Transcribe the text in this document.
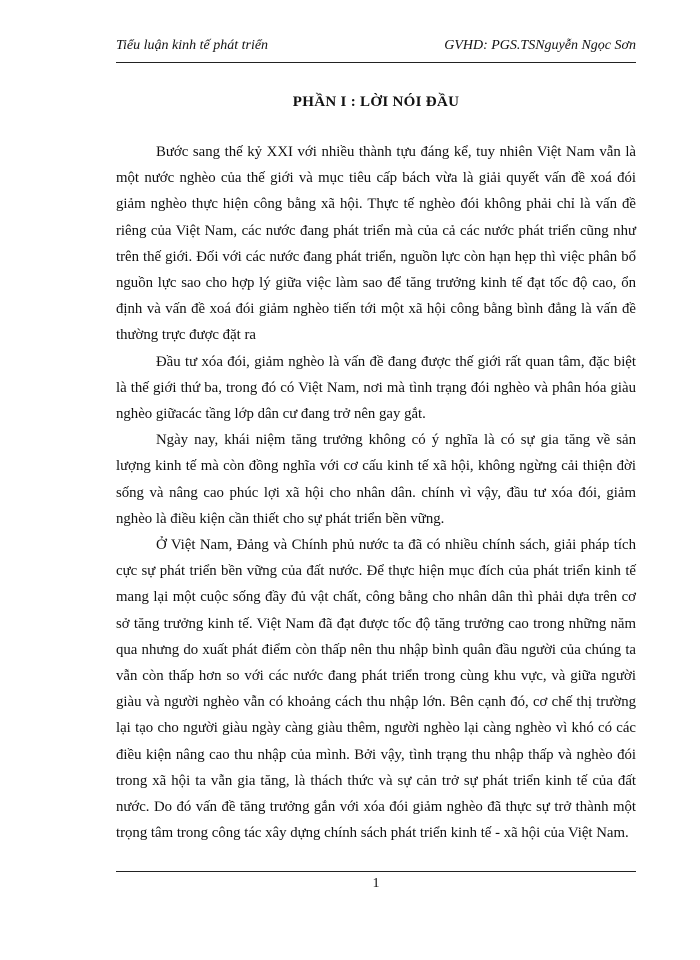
Tiểu luận kinh tế phát triển	GVHD: PGS.TSNguyễn Ngọc Sơn
PHẦN I : LỜI NÓI ĐẦU

Bước sang thế kỷ XXI với nhiều thành tựu đáng kể, tuy nhiên Việt Nam vẫn là một nước nghèo của thế giới và mục tiêu cấp bách vừa là giải quyết vấn đề xoá đói giảm nghèo thực hiện công bằng xã hội. Thực tế nghèo đói không phải chỉ là vấn đề riêng của Việt Nam, các nước đang phát triển mà của cả các nước phát triển cũng như trên thế giới. Đối với các nước đang phát triển, nguồn lực còn hạn hẹp thì việc phân bổ nguồn lực sao cho hợp lý giữa việc làm sao để tăng trưởng kinh tế đạt tốc độ cao, ổn định và vấn đề xoá đói giảm nghèo tiến tới một xã hội công bằng bình đẳng là vấn đề thường trực được đặt ra

Đầu tư xóa đói, giảm nghèo là vấn đề đang được thế giới rất quan tâm, đặc biệt là thế giới thứ ba, trong đó có Việt Nam, nơi mà tình trạng đói nghèo và phân hóa giàu nghèo giữacác tầng lớp dân cư đang trở nên gay gắt.

Ngày nay, khái niệm tăng trưởng không có ý nghĩa là có sự gia tăng về sản lượng kinh tế mà còn đồng nghĩa với cơ cấu kinh tế xã hội, không ngừng cải thiện đời sống và nâng cao phúc lợi xã hội cho nhân dân. chính vì vậy, đầu tư xóa đói, giảm nghèo là điều kiện cần thiết cho sự phát triển bền vững.

Ở Việt Nam, Đảng và Chính phủ nước ta đã có nhiều chính sách, giải pháp tích cực sự phát triển bền vững của đất nước. Để thực hiện mục đích của phát triển kinh tế mang lại một cuộc sống đầy đủ vật chất, công bằng cho nhân dân thì phải dựa trên cơ sở tăng trưởng kinh tế. Việt Nam đã đạt được tốc độ tăng trưởng cao trong những năm qua nhưng do xuất phát điểm còn thấp nên thu nhập bình quân đầu người của chúng ta vẫn còn thấp hơn so với các nước đang phát triển trong cùng khu vực, và giữa người giàu và người nghèo vẫn có khoảng cách thu nhập lớn. Bên cạnh đó, cơ chế thị trường lại tạo cho người giàu ngày càng giàu thêm, người nghèo lại càng nghèo vì khó có các điều kiện nâng cao thu nhập của mình. Bởi vậy, tình trạng thu nhập thấp và nghèo đói trong xã hội ta vẫn gia tăng, là thách thức và sự cản trở sự phát triển kinh tế của đất nước. Do đó vấn đề tăng trưởng gắn với xóa đói giảm nghèo đã thực sự trở thành một trọng tâm trong công tác xây dựng chính sách phát triển kinh tế - xã hội của Việt Nam.

1
